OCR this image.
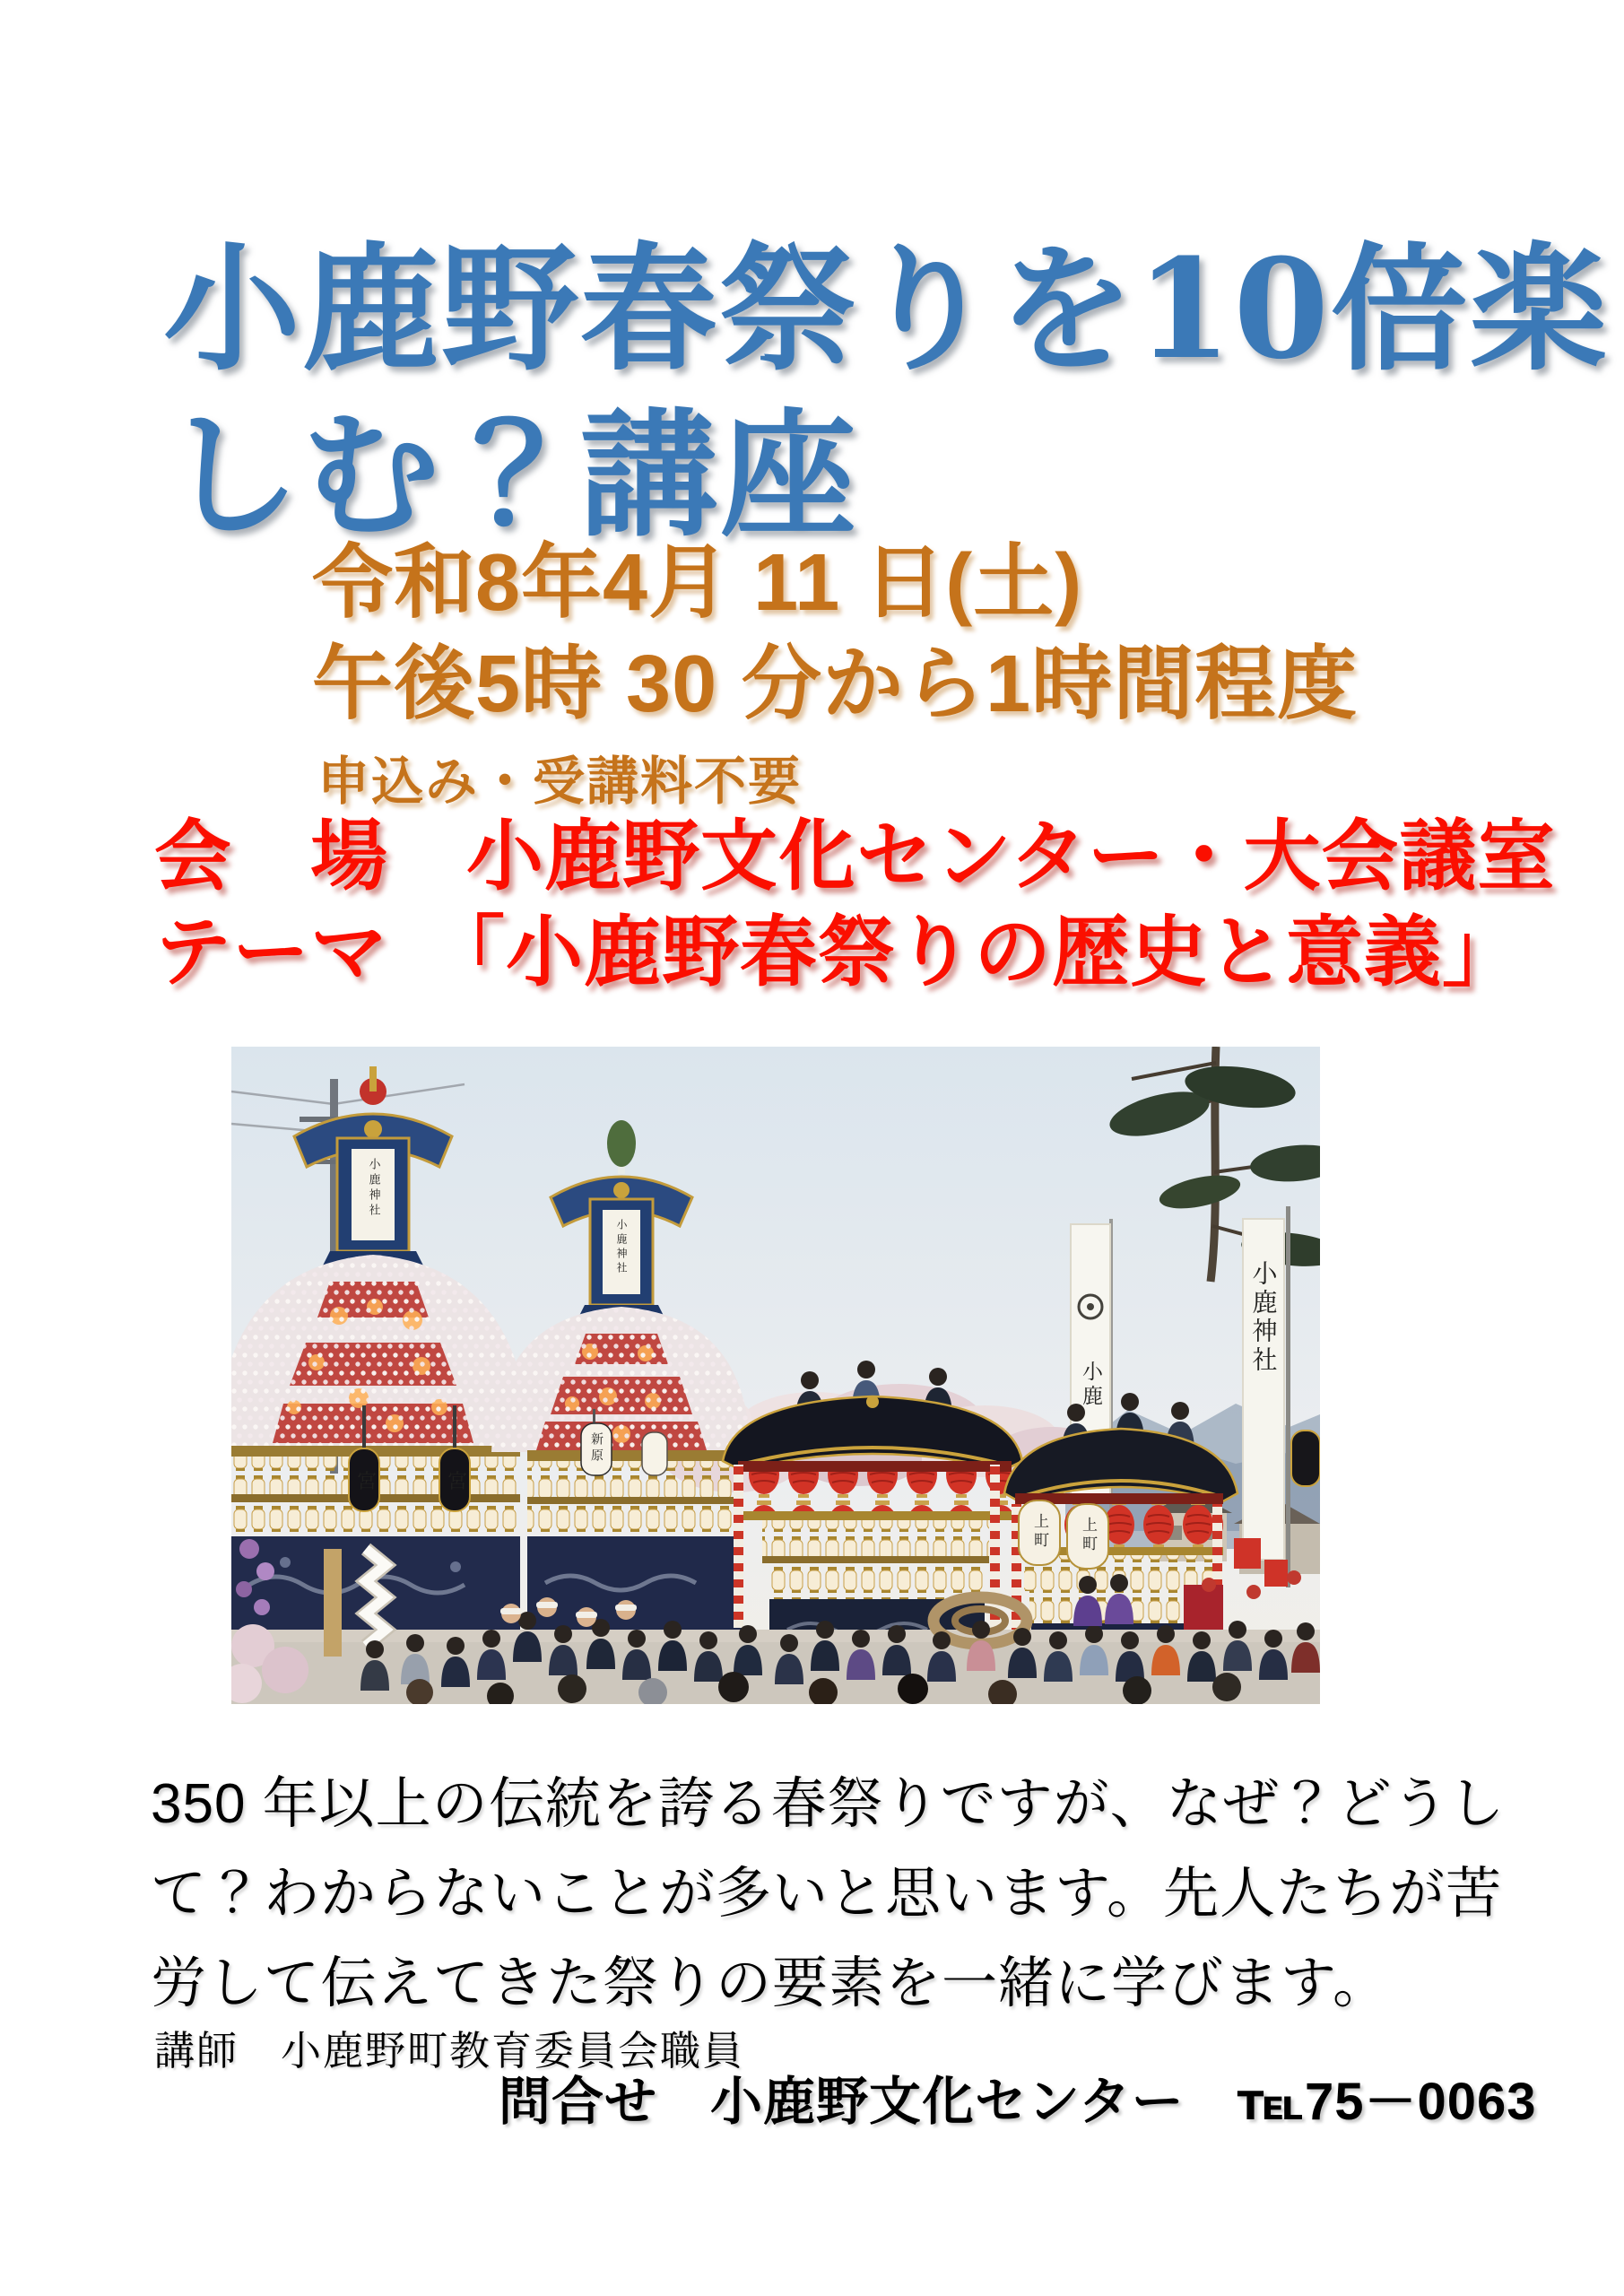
小鹿野春祭りを10倍楽
しむ？講座
令和8年4月 11 日(土)
午後5時 30 分から1時間程度
申込み・受講料不要
会　場　小鹿野文化センター・大会議室
テーマ　「小鹿野春祭りの歴史と意義」
小鹿
小鹿神社
小鹿神社
宮	宮
小鹿神社
新原
上町 上町
350 年以上の伝統を誇る春祭りですが、なぜ？どうし
て？わからないことが多いと思います。先人たちが苦
労して伝えてきた祭りの要素を一緒に学びます。
講師　小鹿野町教育委員会職員
問合せ　小鹿野文化センター　℡75－0063
